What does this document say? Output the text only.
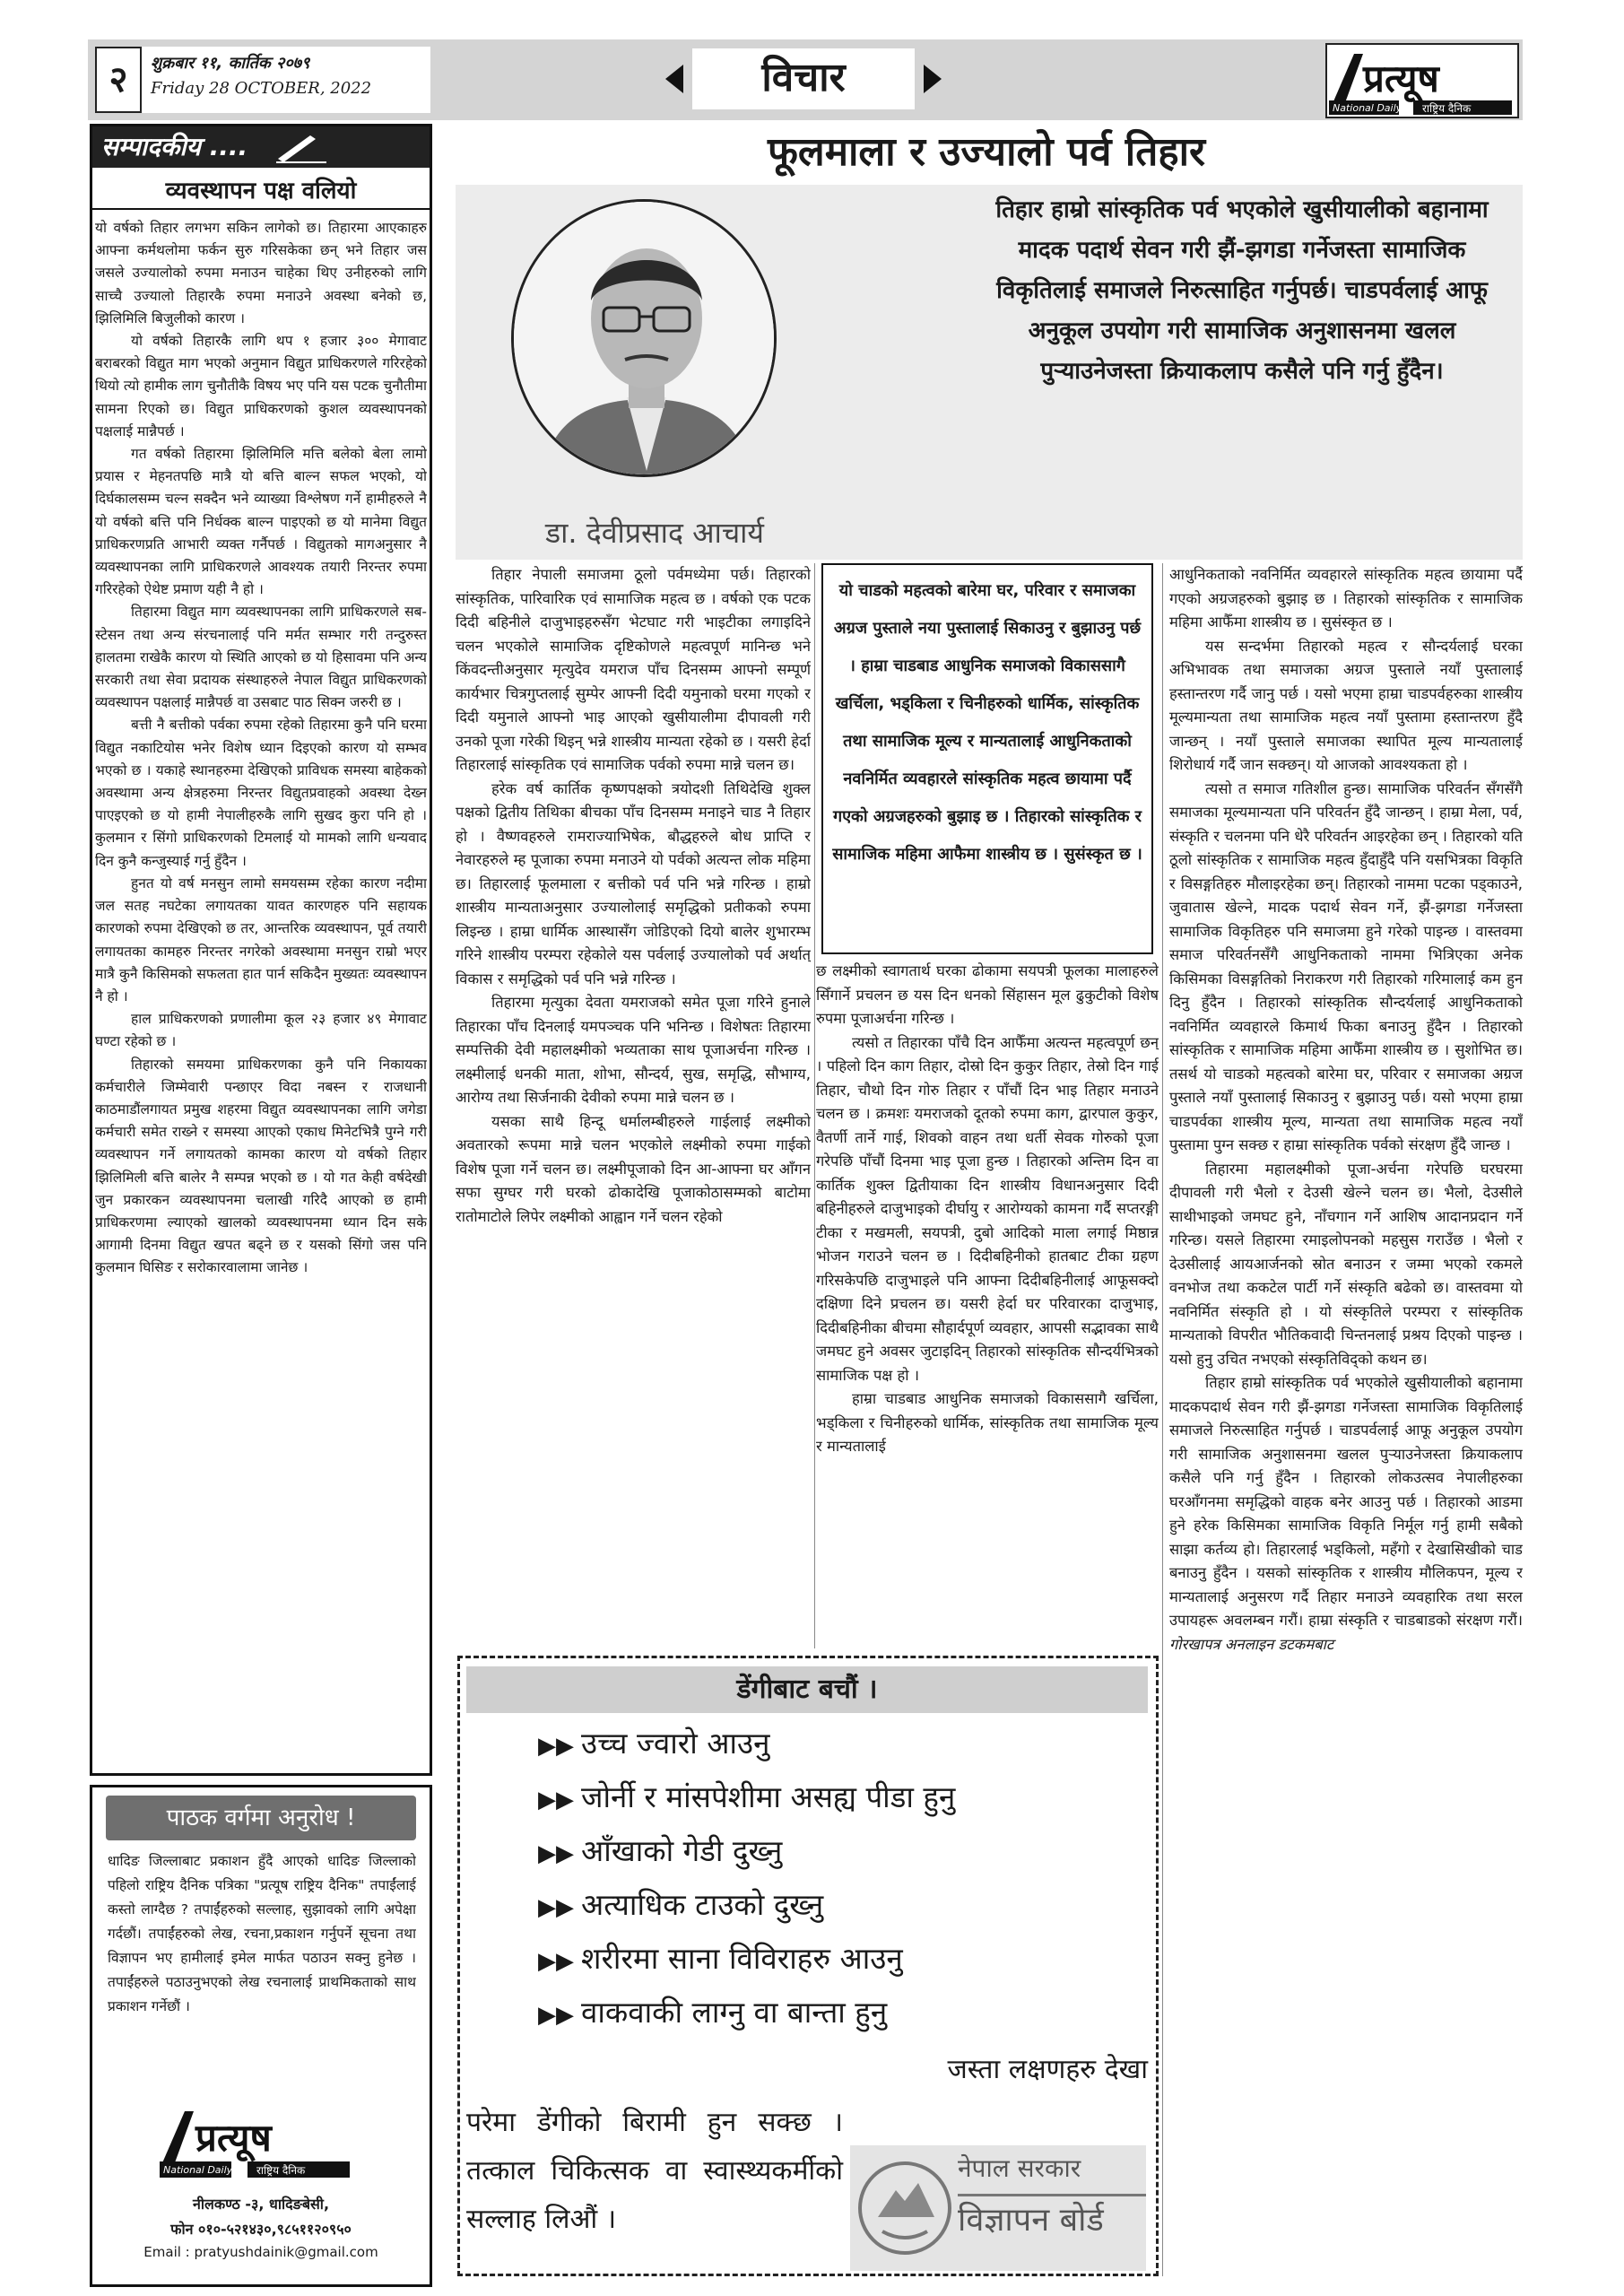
२	शुक्रबार ११, कार्तिक २०७९
Friday 28 OCTOBER, 2022	विचार	प्रत्यूष
National Daily राष्ट्रिय दैनिक
सम्पादकीय ....
व्यवस्थापन पक्ष वलियो

यो वर्षको तिहार लगभग सकिन लागेको छ। तिहारमा आएकाहरु आफ्ना कर्मथलोमा फर्कन सुरु गरिसकेका छन् भने तिहार जस जसले उज्यालोको रुपमा मनाउन चाहेका थिए उनीहरुको लागि साच्चै उज्यालो तिहारकै रुपमा मनाउने अवस्था बनेको छ, झिलिमिलि बिजुलीको कारण ।

यो वर्षको तिहारकै लागि थप १ हजार ३०० मेगावाट बराबरको विद्युत माग भएको अनुमान विद्युत प्राधिकरणले गरिरहेको थियो त्यो हामीक लाग चुनौतीकै विषय भए पनि यस पटक चुनौतीमा सामना रिएको छ। विद्युत प्राधिकरणको कुशल व्यवस्थापनको पक्षलाई मान्नैपर्छ ।

गत वर्षको तिहारमा झिलिमिलि मत्ति बलेको बेला लामो प्रयास र मेहनतपछि मात्रै यो बत्ति बाल्न सफल भएको, यो दिर्घकालसम्म चल्न सक्दैन भने व्याख्या विश्लेषण गर्ने हामीहरुले नै यो वर्षको बत्ति पनि निर्धक्क बाल्न पाइएको छ यो मानेमा विद्युत प्राधिकरणप्रति आभारी व्यक्त गर्नैपर्छ । विद्युतको मागअनुसार नै व्यवस्थापनका लागि प्राधिकरणले आवश्यक तयारी निरन्तर रुपमा गरिरहेको ऐथेष्ट प्रमाण यही नै हो ।

तिहारमा विद्युत माग व्यवस्थापनका लागि प्राधिकरणले सब-स्टेसन तथा अन्य संरचनालाई पनि मर्मत सम्भार गरी तन्दुरुस्त हालतमा राखेकै कारण यो स्थिति आएको छ यो हिसावमा पनि अन्य सरकारी तथा सेवा प्रदायक संस्थाहरुले नेपाल विद्युत प्राधिकरणको व्यवस्थापन पक्षलाई मान्नैपर्छ वा उसबाट पाठ सिक्न जरुरी छ ।

बत्ती नै बत्तीको पर्वका रुपमा रहेको तिहारमा कुनै पनि घरमा विद्युत नकाटियोस भनेर विशेष ध्यान दिइएको कारण यो सम्भव भएको छ । यकाहे स्थानहरुमा देखिएको प्राविधक समस्या बाहेकको अवस्थामा अन्य क्षेत्रहरुमा निरन्तर विद्युतप्रवाहको अवस्था देख्न पाएइएको छ यो हामी नेपालीहरुकै लागि सुखद कुरा पनि हो । कुलमान र सिंगो प्राधिकरणको टिमलाई यो मामको लागि धन्यवाद दिन कुनै कन्जुस्याई गर्नु हुँदैन ।

हुनत यो वर्ष मनसुन लामो समयसम्म रहेका कारण नदीमा जल सतह नघटेका लगायतका यावत कारणहरु पनि सहायक कारणको रुपमा देखिएको छ तर, आन्तरिक व्यवस्थापन, पूर्व तयारी लगायतका कामहरु निरन्तर नगरेको अवस्थामा मनसुन राम्रो भएर मात्रै कुनै किसिमको सफलता हात पार्न सकिदैन मुख्यतः व्यवस्थापन नै हो ।

हाल प्राधिकरणको प्रणालीमा कूल २३ हजार ४९ मेगावाट घण्टा रहेको छ ।

तिहारको समयमा प्राधिकरणका कुनै पनि निकायका कर्मचारीले जिम्मेवारी पन्छाएर विदा नबस्न र राजधानी काठमाडौंलगायत प्रमुख शहरमा विद्युत व्यवस्थापनका लागि जगेडा कर्मचारी समेत राख्ने र समस्या आएको एकाध मिनेटभित्रै पुग्ने गरी व्यवस्थापन गर्ने लगायतको कामका कारण यो वर्षको तिहार झिलिमिली बत्ति बालेर नै सम्पन्न भएको छ । यो गत केही वर्षदेखी जुन प्रकारकन व्यवस्थापनमा चलाखी गरिदै आएको छ हामी प्राधिकरणमा ल्याएको खालको व्यवस्थापनमा ध्यान दिन सके आगामी दिनमा विद्युत खपत बढ्ने छ र यसको सिंगो जस पनि कुलमान घिसिङ र सरोकारवालामा जानेछ ।

पाठक वर्गमा अनुरोध !

धादिङ जिल्लाबाट प्रकाशन हुँदै आएको धादिङ जिल्लाको पहिलो राष्ट्रिय दैनिक पत्रिका "प्रत्यूष राष्ट्रिय दैनिक" तपाईंलाई कस्तो लाग्दैछ ? तपाईंहरुको सल्लाह, सुझावको लागि अपेक्षा गर्दछौं। तपाईंहरुको लेख, रचना,प्रकाशन गर्नुपर्ने सूचना तथा विज्ञापन भए हामीलाई इमेल मार्फत पठाउन सक्नु हुनेछ । तपाईंहरुले पठाउनुभएको लेख रचनालाई प्राथमिकताको साथ प्रकाशन गर्नेछौं ।

प्रत्यूष
National Daily राष्ट्रिय दैनिक
नीलकण्ठ -३, धादिङबेसी,
फोन ०१०-५२१४३०,९८५११२०९५०
Email : pratyushdainik@gmail.com
फूलमाला र उज्यालो पर्व तिहार
डा. देवीप्रसाद आचार्य
तिहार हाम्रो सांस्कृतिक पर्व भएकोले खुसीयालीको बहानामा मादक पदार्थ सेवन गरी झैं-झगडा गर्नेजस्ता सामाजिक विकृतिलाई समाजले निरुत्साहित गर्नुपर्छ। चाडपर्वलाई आफू अनुकूल उपयोग गरी सामाजिक अनुशासनमा खलल पुऱ्याउनेजस्ता क्रियाकलाप कसैले पनि गर्नु हुँदैन।

तिहार नेपाली समाजमा ठूलो पर्वमध्येमा पर्छ। तिहारको सांस्कृतिक, पारिवारिक एवं सामाजिक महत्व छ । वर्षको एक पटक दिदी बहिनीले दाजुभाइहरुसँग भेटघाट गरी भाइटीका लगाइदिने चलन भएकोले सामाजिक दृष्टिकोणले महत्वपूर्ण मानिन्छ भने किंवदन्तीअनुसार मृत्युदेव यमराज पाँच दिनसम्म आफ्नो सम्पूर्ण कार्यभार चित्रगुप्तलाई सुम्पेर आफ्नी दिदी यमुनाको घरमा गएको र दिदी यमुनाले आफ्नो भाइ आएको खुसीयालीमा दीपावली गरी उनको पूजा गरेकी थिइन् भन्ने शास्त्रीय मान्यता रहेको छ । यसरी हेर्दा तिहारलाई सांस्कृतिक एवं सामाजिक पर्वको रुपमा मान्ने चलन छ।

हरेक वर्ष कार्तिक कृष्णपक्षको त्रयोदशी तिथिदेखि शुक्ल पक्षको द्वितीय तिथिका बीचका पाँच दिनसम्म मनाइने चाड नै तिहार हो । वैष्णवहरुले रामराज्याभिषेक, बौद्धहरुले बोध प्राप्ति र नेवारहरुले म्ह पूजाका रुपमा मनाउने यो पर्वको अत्यन्त लोक महिमा छ। तिहारलाई फूलमाला र बत्तीको पर्व पनि भन्ने गरिन्छ । हाम्रो शास्त्रीय मान्यताअनुसार उज्यालोलाई समृद्धिको प्रतीकको रुपमा लिइन्छ । हाम्रा धार्मिक आस्थासँग जोडिएको दियो बालेर शुभारम्भ गरिने शास्त्रीय परम्परा रहेकोले यस पर्वलाई उज्यालोको पर्व अर्थात् विकास र समृद्धिको पर्व पनि भन्ने गरिन्छ ।

तिहारमा मृत्युका देवता यमराजको समेत पूजा गरिने हुनाले तिहारका पाँच दिनलाई यमपञ्चक पनि भनिन्छ । विशेषतः तिहारमा सम्पत्तिकी देवी महालक्ष्मीको भव्यताका साथ पूजाअर्चना गरिन्छ । लक्ष्मीलाई धनकी माता, शोभा, सौन्दर्य, सुख, समृद्धि, सौभाग्य, आरोग्य तथा सिर्जनाकी देवीको रुपमा मान्ने चलन छ ।

यसका साथै हिन्दू धर्मालम्बीहरुले गाईलाई लक्ष्मीको अवतारको रूपमा मान्ने चलन भएकोले लक्ष्मीको रुपमा गाईको विशेष पूजा गर्ने चलन छ। लक्ष्मीपूजाको दिन आ-आफ्ना घर आँगन सफा सुग्घर गरी घरको ढोकादेखि पूजाकोठासम्मको बाटोमा रातोमाटोले लिपेर लक्ष्मीको आह्वान गर्ने चलन रहेको

यो चाडको महत्वको बारेमा घर, परिवार र समाजका अग्रज पुस्ताले नया पुस्तालाई सिकाउनु र बुझाउनु पर्छ । हाम्रा चाडबाड आधुनिक समाजको विकाससागै खर्चिला, भड्किला र चिनीहरुको धार्मिक, सांस्कृतिक तथा सामाजिक मूल्य र मान्यतालाई आधुनिकताको नवनिर्मित व्यवहारले सांस्कृतिक महत्व छायामा पर्दै गएको अग्रजहरुको बुझाइ छ । तिहारको सांस्कृतिक र सामाजिक महिमा आफैमा शास्त्रीय छ । सुसंस्कृत छ ।

छ लक्ष्मीको स्वागतार्थ घरका ढोकामा सयपत्री फूलका मालाहरुले सिँगार्ने प्रचलन छ यस दिन धनको सिंहासन मूल ढुकुटीको विशेष रुपमा पूजाअर्चना गरिन्छ ।

त्यसो त तिहारका पाँचै दिन आफैँमा अत्यन्त महत्वपूर्ण छन् । पहिलो दिन काग तिहार, दोस्रो दिन कुकुर तिहार, तेस्रो दिन गाई तिहार, चौथो दिन गोरु तिहार र पाँचौं दिन भाइ तिहार मनाउने चलन छ । क्रमशः यमराजको दूतको रुपमा काग, द्वारपाल कुकुर, वैतर्णी तार्ने गाई, शिवको वाहन तथा धर्ती सेवक गोरुको पूजा गरेपछि पाँचौं दिनमा भाइ पूजा हुन्छ । तिहारको अन्तिम दिन वा कार्तिक शुक्ल द्वितीयाका दिन शास्त्रीय विधानअनुसार दिदी बहिनीहरुले दाजुभाइको दीर्घायु र आरोग्यको कामना गर्दै सप्तरङ्गी टीका र मखमली, सयपत्री, दुबो आदिको माला लगाई मिष्ठान्न भोजन गराउने चलन छ । दिदीबहिनीको हातबाट टीका ग्रहण गरिसकेपछि दाजुभाइले पनि आफ्ना दिदीबहिनीलाई आफूसक्दो दक्षिणा दिने प्रचलन छ। यसरी हेर्दा घर परिवारका दाजुभाइ, दिदीबहिनीका बीचमा सौहार्दपूर्ण व्यवहार, आपसी सद्भावका साथै जमघट हुने अवसर जुटाइदिन् तिहारको सांस्कृतिक सौन्दर्यभित्रको सामाजिक पक्ष हो ।

हाम्रा चाडबाड आधुनिक समाजको विकाससागै खर्चिला, भड्किला र चिनीहरुको धार्मिक, सांस्कृतिक तथा सामाजिक मूल्य र मान्यतालाई

आधुनिकताको नवनिर्मित व्यवहारले सांस्कृतिक महत्व छायामा पर्दै गएको अग्रजहरुको बुझाइ छ । तिहारको सांस्कृतिक र सामाजिक महिमा आफैँमा शास्त्रीय छ । सुसंस्कृत छ ।

यस सन्दर्भमा तिहारको महत्व र सौन्दर्यलाई घरका अभिभावक तथा समाजका अग्रज पुस्ताले नयाँ पुस्तालाई हस्तान्तरण गर्दै जानु पर्छ । यसो भएमा हाम्रा चाडपर्वहरुका शास्त्रीय मूल्यमान्यता तथा सामाजिक महत्व नयाँ पुस्तामा हस्तान्तरण हुँदै जान्छन् । नयाँ पुस्ताले समाजका स्थापित मूल्य मान्यतालाई शिरोधार्य गर्दै जान सक्छन्। यो आजको आवश्यकता हो ।

त्यसो त समाज गतिशील हुन्छ। सामाजिक परिवर्तन सँगसँगै समाजका मूल्यमान्यता पनि परिवर्तन हुँदै जान्छन् । हाम्रा मेला, पर्व, संस्कृति र चलनमा पनि धेरै परिवर्तन आइरहेका छन् । तिहारको यति ठूलो सांस्कृतिक र सामाजिक महत्व हुँदाहुँदै पनि यसभित्रका विकृति र विसङ्गतिहरु मौलाइरहेका छन्। तिहारको नाममा पटका पड्काउने, जुवातास खेल्ने, मादक पदार्थ सेवन गर्ने, झैं-झगडा गर्नेजस्ता सामाजिक विकृतिहरु पनि समाजमा हुने गरेको पाइन्छ । वास्तवमा समाज परिवर्तनसँगै आधुनिकताको नाममा भित्रिएका अनेक किसिमका विसङ्गतिको निराकरण गरी तिहारको गरिमालाई कम हुन दिनु हुँदैन । तिहारको सांस्कृतिक सौन्दर्यलाई आधुनिकताको नवनिर्मित व्यवहारले किमार्थ फिका बनाउनु हुँदैन । तिहारको सांस्कृतिक र सामाजिक महिमा आफैँमा शास्त्रीय छ । सुशोभित छ। तसर्थ यो चाडको महत्वको बारेमा घर, परिवार र समाजका अग्रज पुस्ताले नयाँ पुस्तालाई सिकाउनु र बुझाउनु पर्छ। यसो भएमा हाम्रा चाडपर्वका शास्त्रीय मूल्य, मान्यता तथा सामाजिक महत्व नयाँ पुस्तामा पुग्न सक्छ र हाम्रा सांस्कृतिक पर्वको संरक्षण हुँदै जान्छ ।

तिहारमा महालक्ष्मीको पूजा-अर्चना गरेपछि घरघरमा दीपावली गरी भैलो र देउसी खेल्ने चलन छ। भैलो, देउसीले साथीभाइको जमघट हुने, नाँचगान गर्ने आशिष आदानप्रदान गर्ने गरिन्छ। यसले तिहारमा रमाइलोपनको महसुस गराउँछ । भैलो र देउसीलाई आयआर्जनको स्रोत बनाउन र जम्मा भएको रकमले वनभोज तथा ककटेल पार्टी गर्ने संस्कृति बढेको छ। वास्तवमा यो नवनिर्मित संस्कृति हो । यो संस्कृतिले परम्परा र सांस्कृतिक मान्यताको विपरीत भौतिकवादी चिन्तनलाई प्रश्रय दिएको पाइन्छ । यसो हुनु उचित नभएको संस्कृतिविद्को कथन छ।

तिहार हाम्रो सांस्कृतिक पर्व भएकोले खुसीयालीको बहानामा मादकपदार्थ सेवन गरी झैं-झगडा गर्नेजस्ता सामाजिक विकृतिलाई समाजले निरुत्साहित गर्नुपर्छ । चाडपर्वलाई आफू अनुकूल उपयोग गरी सामाजिक अनुशासनमा खलल पुऱ्याउनेजस्ता क्रियाकलाप कसैले पनि गर्नु हुँदैन । तिहारको लोकउत्सव नेपालीहरुका घरआँगनमा समृद्धिको वाहक बनेर आउनु पर्छ । तिहारको आडमा हुने हरेक किसिमका सामाजिक विकृति निर्मूल गर्नु हामी सबैको साझा कर्तव्य हो। तिहारलाई भड्किलो, महँगो र देखासिखीको चाड बनाउनु हुँदैन । यसको सांस्कृतिक र शास्त्रीय मौलिकपन, मूल्य र मान्यतालाई अनुसरण गर्दै तिहार मनाउने व्यवहारिक तथा सरल उपायहरू अवलम्बन गरौं। हाम्रा संस्कृति र चाडबाडको संरक्षण गरौं। गोरखापत्र अनलाइन डटकमबाट

डेंगीबाट बचौं ।
▶▶ उच्च ज्वारो आउनु
▶▶ जोर्नी र मांसपेशीमा असह्य पीडा हुनु
▶▶ आँखाको गेडी दुख्नु
▶▶ अत्याधिक टाउको दुख्नु
▶▶ शरीरमा साना विविराहरु आउनु
▶▶ वाकवाकी लाग्नु वा बान्ता हुनु
जस्ता लक्षणहरु देखा
परेमा डेंगीको बिरामी हुन सक्छ । तत्काल चिकित्सक वा स्वास्थ्यकर्मीको सल्लाह लिऔं ।
नेपाल सरकार
विज्ञापन बोर्ड
